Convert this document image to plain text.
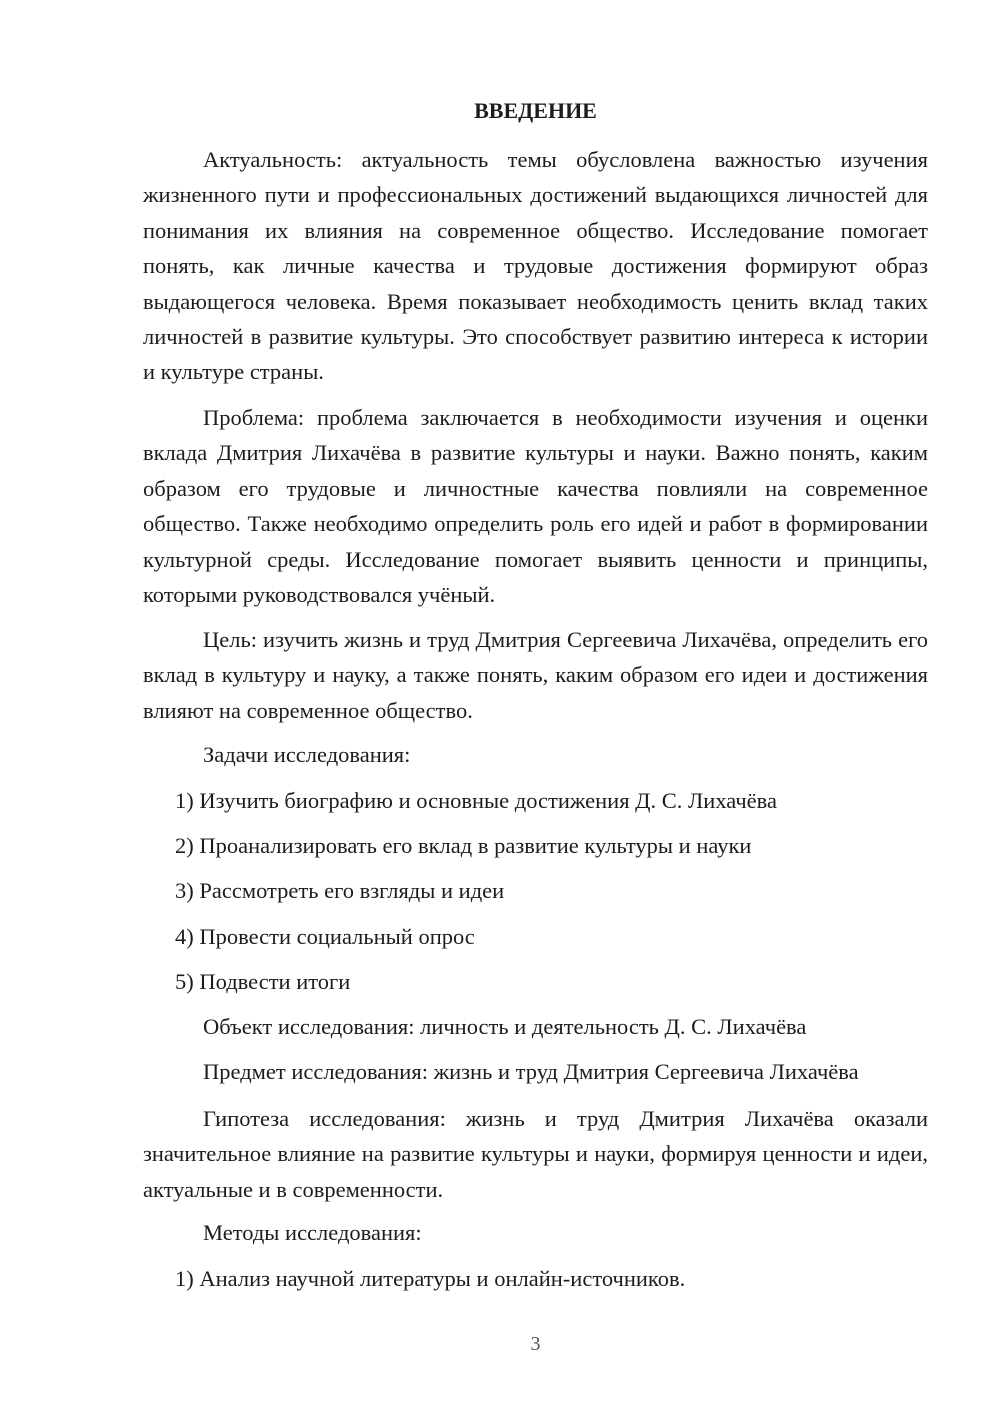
ВВЕДЕНИЕ

Актуальность: актуальность темы обусловлена важностью изучения жизненного пути и профессиональных достижений выдающихся личностей для понимания их влияния на современное общество. Исследование помогает понять, как личные качества и трудовые достижения формируют образ выдающегося человека. Время показывает необходимость ценить вклад таких личностей в развитие культуры. Это способствует развитию интереса к истории и культуре страны.

Проблема: проблема заключается в необходимости изучения и оценки вклада Дмитрия Лихачёва в развитие культуры и науки. Важно понять, каким образом его трудовые и личностные качества повлияли на современное общество. Также необходимо определить роль его идей и работ в формировании культурной среды. Исследование помогает выявить ценности и принципы, которыми руководствовался учёный.

Цель: изучить жизнь и труд Дмитрия Сергеевича Лихачёва, определить его вклад в культуру и науку, а также понять, каким образом его идеи и достижения влияют на современное общество.

Задачи исследования:

1) Изучить биографию и основные достижения Д. С. Лихачёва

2) Проанализировать его вклад в развитие культуры и науки

3) Рассмотреть его взгляды и идеи

4) Провести социальный опрос

5) Подвести итоги

Объект исследования: личность и деятельность Д. С. Лихачёва

Предмет исследования: жизнь и труд Дмитрия Сергеевича Лихачёва

Гипотеза исследования: жизнь и труд Дмитрия Лихачёва оказали значительное влияние на развитие культуры и науки, формируя ценности и идеи, актуальные и в современности.

Методы исследования:

1) Анализ научной литературы и онлайн-источников.

3
